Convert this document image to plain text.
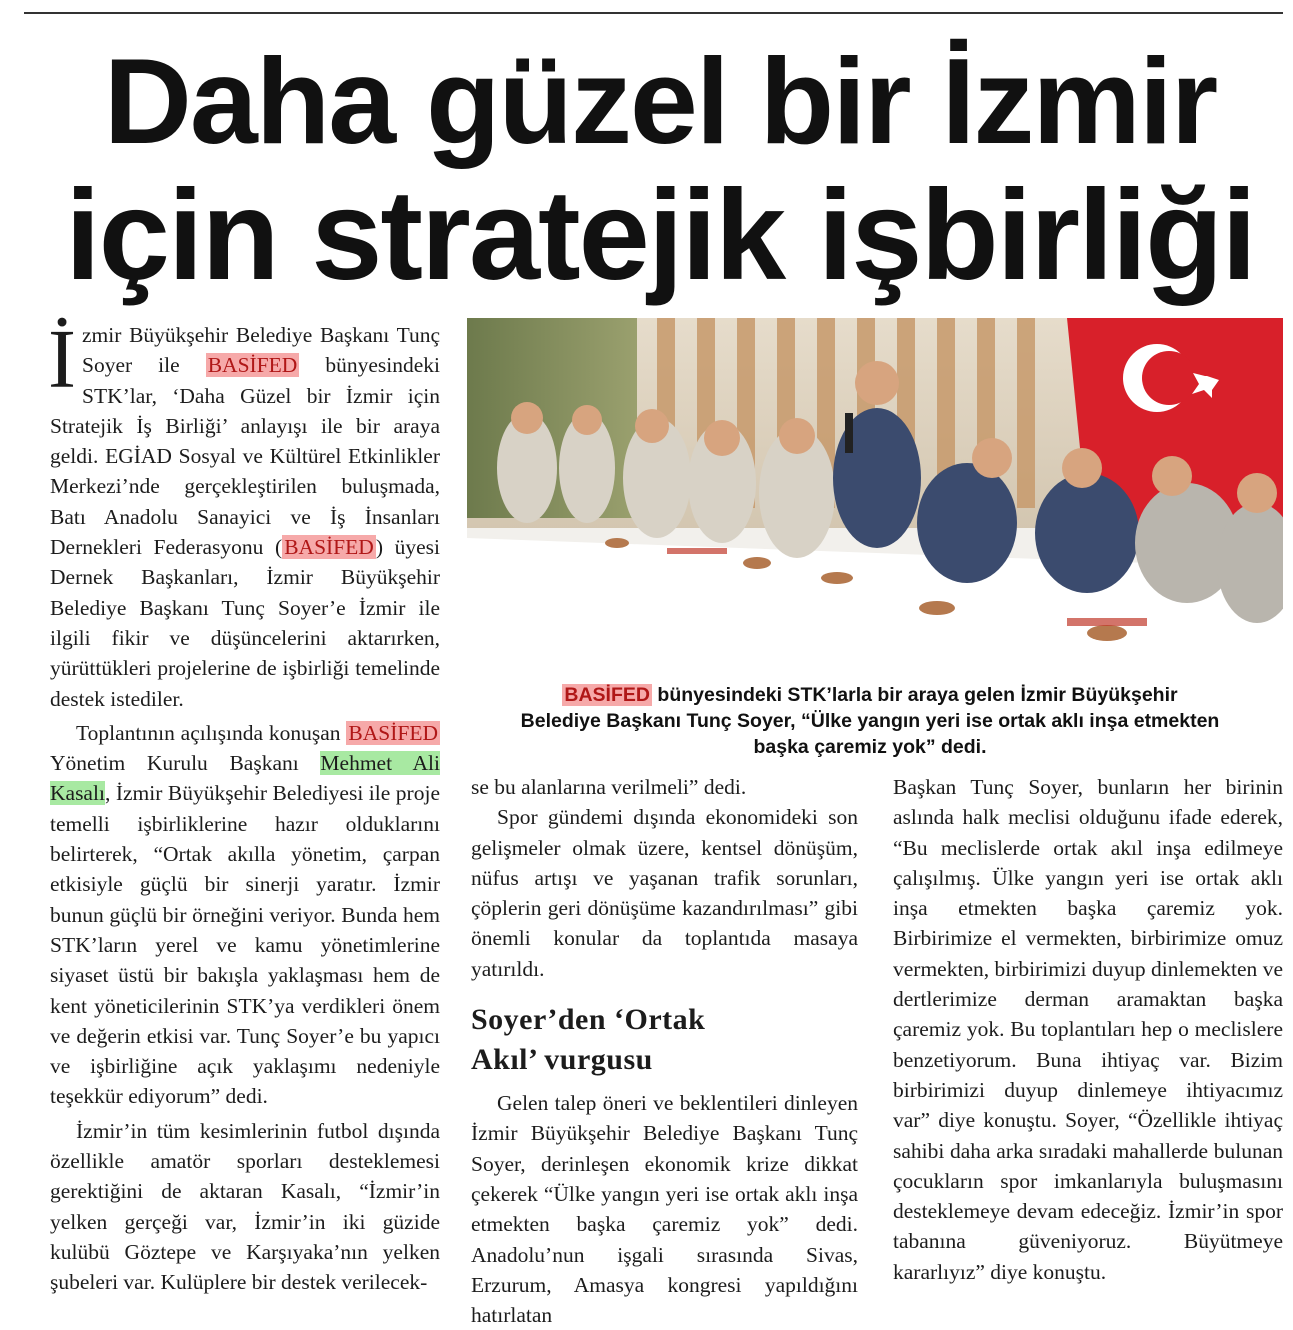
Daha güzel bir İzmir
için stratejik işbirliği

İzmir Büyükşehir Belediye Başkanı Tunç Soyer ile BASİFED bünyesindeki STK’lar, ‘Daha Güzel bir İzmir için Stratejik İş Birliği’ anlayışı ile bir araya geldi. EGİAD Sosyal ve Kültürel Etkinlikler Merkezi’nde gerçekleştirilen buluşmada, Batı Anadolu Sanayici ve İş İnsanları Dernekleri Federasyonu (BASİFED) üyesi Dernek Başkanları, İzmir Büyükşehir Belediye Başkanı Tunç Soyer’e İzmir ile ilgili fikir ve düşüncelerini aktarırken, yürüttükleri projelerine de işbirliği temelinde destek istediler.

Toplantının açılışında konuşan BASİFED Yönetim Kurulu Başkanı Mehmet Ali Kasalı, İzmir Büyükşehir Belediyesi ile proje temelli işbirliklerine hazır olduklarını belirterek, “Ortak akılla yönetim, çarpan etkisiyle güçlü bir sinerji yaratır. İzmir bunun güçlü bir örneğini veriyor. Bunda hem STK’ların yerel ve kamu yönetimlerine siyaset üstü bir bakışla yaklaşması hem de kent yöneticilerinin STK’ya verdikleri önem ve değerin etkisi var. Tunç Soyer’e bu yapıcı ve işbirliğine açık yaklaşımı nedeniyle teşekkür ediyorum” dedi.

İzmir’in tüm kesimlerinin futbol dışında özellikle amatör sporları desteklemesi gerektiğini de aktaran Kasalı, “İzmir’in yelken gerçeği var, İzmir’in iki güzide kulübü Göztepe ve Karşıyaka’nın yelken şubeleri var. Kulüplere bir destek verilecek-

BASİFED bünyesindeki STK’larla bir araya gelen İzmir Büyükşehir Belediye Başkanı Tunç Soyer, “Ülke yangın yeri ise ortak aklı inşa etmekten başka çaremiz yok” dedi.

se bu alanlarına verilmeli” dedi.

Spor gündemi dışında ekonomideki son gelişmeler olmak üzere, kentsel dönüşüm, nüfus artışı ve yaşanan trafik sorunları, çöplerin geri dönüşüme kazandırılması” gibi önemli konular da toplantıda masaya yatırıldı.

Soyer’den ‘Ortak
Akıl’ vurgusu

Gelen talep öneri ve beklentileri dinleyen İzmir Büyükşehir Belediye Başkanı Tunç Soyer, derinleşen ekonomik krize dikkat çekerek “Ülke yangın yeri ise ortak aklı inşa etmekten başka çaremiz yok” dedi. Anadolu’nun işgali sırasında Sivas, Erzurum, Amasya kongresi yapıldığını hatırlatan

Başkan Tunç Soyer, bunların her birinin aslında halk meclisi olduğunu ifade ederek, “Bu meclislerde ortak akıl inşa edilmeye çalışılmış. Ülke yangın yeri ise ortak aklı inşa etmekten başka çaremiz yok. Birbirimize el vermekten, birbirimize omuz vermekten, birbirimizi duyup dinlemekten ve dertlerimize derman aramaktan başka çaremiz yok. Bu toplantıları hep o meclislere benzetiyorum. Buna ihtiyaç var. Bizim birbirimizi duyup dinlemeye ihtiyacımız var” diye konuştu. Soyer, “Özellikle ihtiyaç sahibi daha arka sıradaki mahallerde bulunan çocukların spor imkanlarıyla buluşmasını desteklemeye devam edeceğiz. İzmir’in spor tabanına güveniyoruz. Büyütmeye kararlıyız” diye konuştu.
